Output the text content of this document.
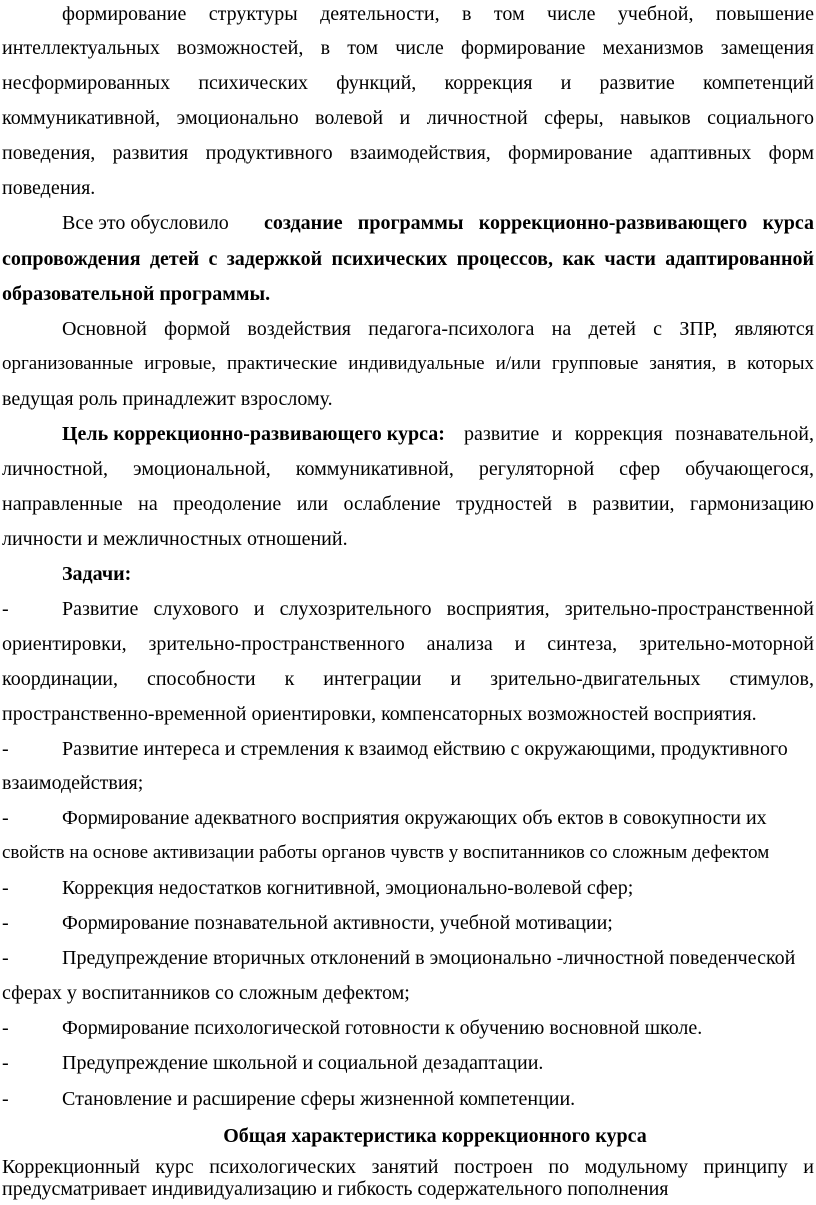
формирование структуры деятельности, в том числе учебной, повышение
интеллектуальных возможностей, в том числе формирование механизмов замещения
несформированных психических функций, коррекция и развитие компетенций
коммуникативной, эмоционально волевой и личностной сферы, навыков социального
поведения, развития продуктивного взаимодействия, формирование адаптивных форм
поведения.
Все это обусловило создание программы коррекционно-развивающего курса
сопровождения детей с задержкой психических процессов, как части адаптированной
образовательной программы.
Основной формой воздействия педагога-психолога на детей с ЗПР, являются
организованные игровые, практические индивидуальные и/или групповые занятия, в которых
ведущая роль принадлежит взрослому.
Цель коррекционно-развивающего курса: развитие и коррекция познавательной,
личностной, эмоциональной, коммуникативной, регуляторной сфер обучающегося,
направленные на преодоление или ослабление трудностей в развитии, гармонизацию
личности и межличностных отношений.
Задачи:
-	Развитие слухового и слухозрительного восприятия, зрительно-пространственной
ориентировки, зрительно-пространственного анализа и синтеза, зрительно-моторной
координации, способности к интеграции и зрительно-двигательных стимулов,
пространственно-временной ориентировки, компенсаторных возможностей восприятия.
-	Развитие интереса и стремления к взаимод ействию с окружающими, продуктивного
взаимодействия;
-	Формирование адекватного восприятия окружающих объ ектов в совокупности их
свойств на основе активизации работы органов чувств у воспитанников со сложным дефектом
-	Коррекция недостатков когнитивной, эмоционально-волевой сфер;
-	Формирование познавательной активности, учебной мотивации;
-	Предупреждение вторичных отклонений в эмоционально -личностной поведенческой
сферах у воспитанников со сложным дефектом;
-	Формирование психологической готовности к обучению восновной школе.
-	Предупреждение школьной и социальной дезадаптации.
-	Становление и расширение сферы жизненной компетенции.
Общая характеристика коррекционного курса
Коррекционный курс психологических занятий построен по модульному принципу и
предусматривает индивидуализацию и гибкость содержательного пополнения
